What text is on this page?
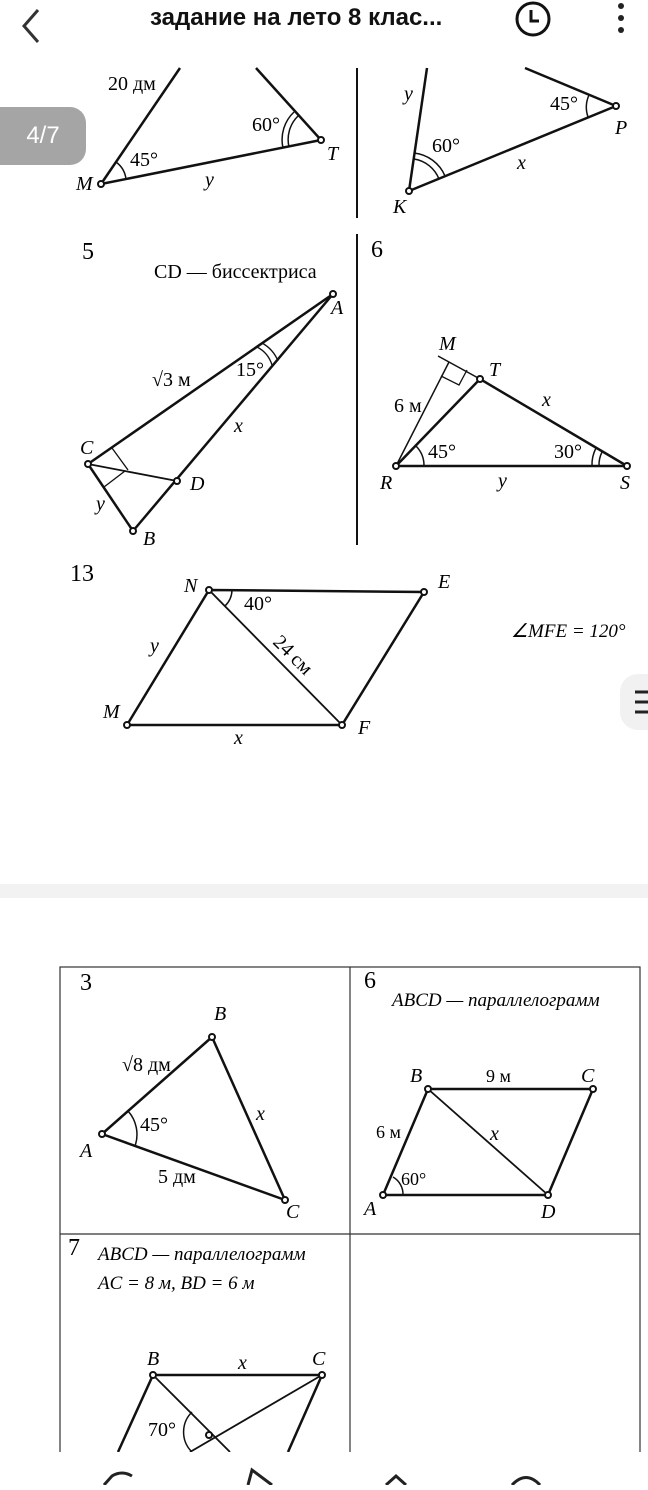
задание на лето 8 клас...
20 дм
45°
60°
M
T
y
y	45°
60°
P
K
x
5
CD — биссектриса
√3 м 15°
A
C
D
B
x
y
6
M
T
R	S
6 м
45°	30°
x
y
13	N	E
M
F
40°
24 см
y
x
∠MFE = 120°
4/7
3
B
A
C
√8 дм
5 дм
45°	x
6
ABCD — параллелограмм
B	C
A	D
9 м
6 м
60°
x
7 ABCD — параллелограмм
AC = 8 м, BD = 6 м
B	C
x
70°
